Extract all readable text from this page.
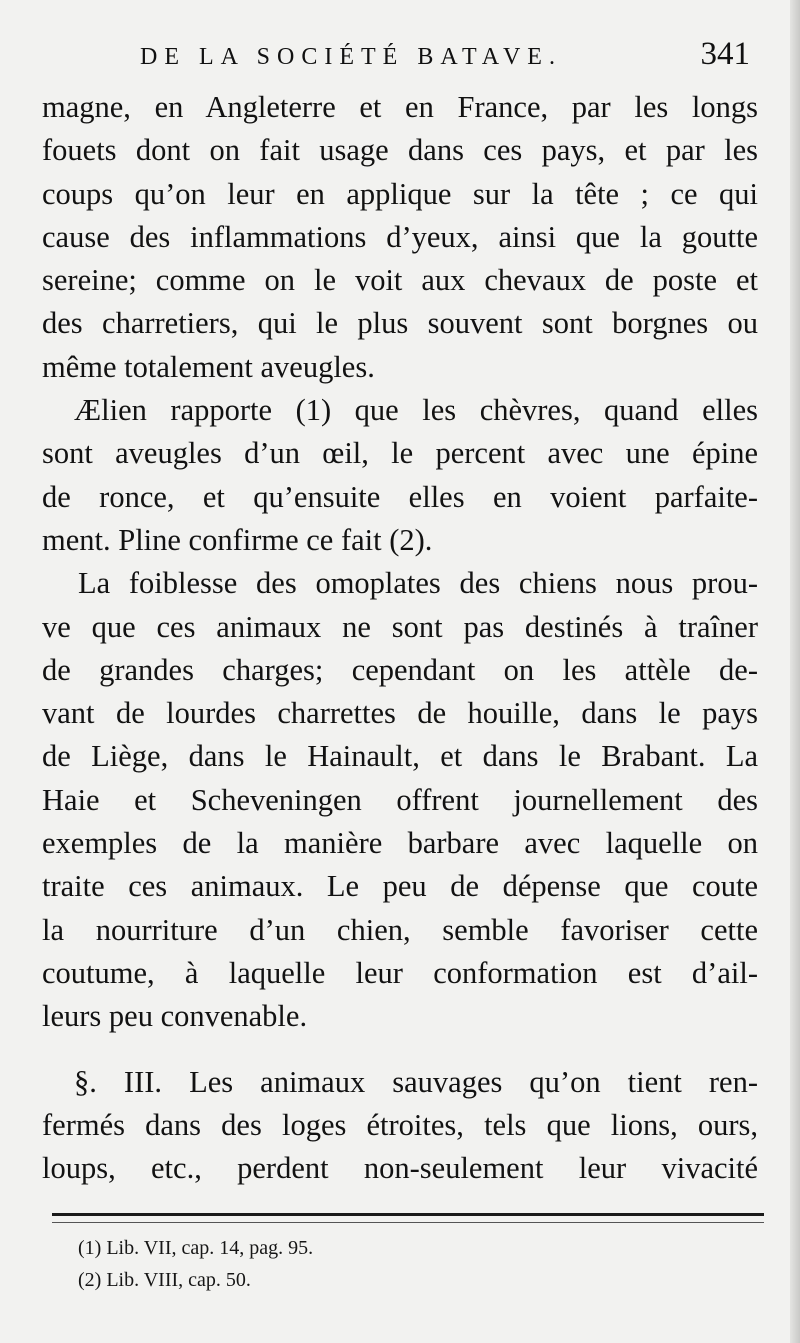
DE LA SOCIÉTÉ BATAVE.	341
magne, en Angleterre et en France, par les longs
fouets dont on fait usage dans ces pays, et par les
coups qu’on leur en applique sur la tête ; ce qui
cause des inflammations d’yeux, ainsi que la goutte
sereine; comme on le voit aux chevaux de poste et
des charretiers, qui le plus souvent sont borgnes ou
même totalement aveugles.
Ælien rapporte (1) que les chèvres, quand elles
sont aveugles d’un œil, le percent avec une épine
de ronce, et qu’ensuite elles en voient parfaite-
ment. Pline confirme ce fait (2).
La foiblesse des omoplates des chiens nous prou-
ve que ces animaux ne sont pas destinés à traîner
de grandes charges; cependant on les attèle de-
vant de lourdes charrettes de houille, dans le pays
de Liège, dans le Hainault, et dans le Brabant. La
Haie et Scheveningen offrent journellement des
exemples de la manière barbare avec laquelle on
traite ces animaux. Le peu de dépense que coute
la nourriture d’un chien, semble favoriser cette
coutume, à laquelle leur conformation est d’ail-
leurs peu convenable.
§. III. Les animaux sauvages qu’on tient ren-
fermés dans des loges étroites, tels que lions, ours,
loups, etc., perdent non-seulement leur vivacité
(1) Lib. VII, cap. 14, pag. 95.
(2) Lib. VIII, cap. 50.
